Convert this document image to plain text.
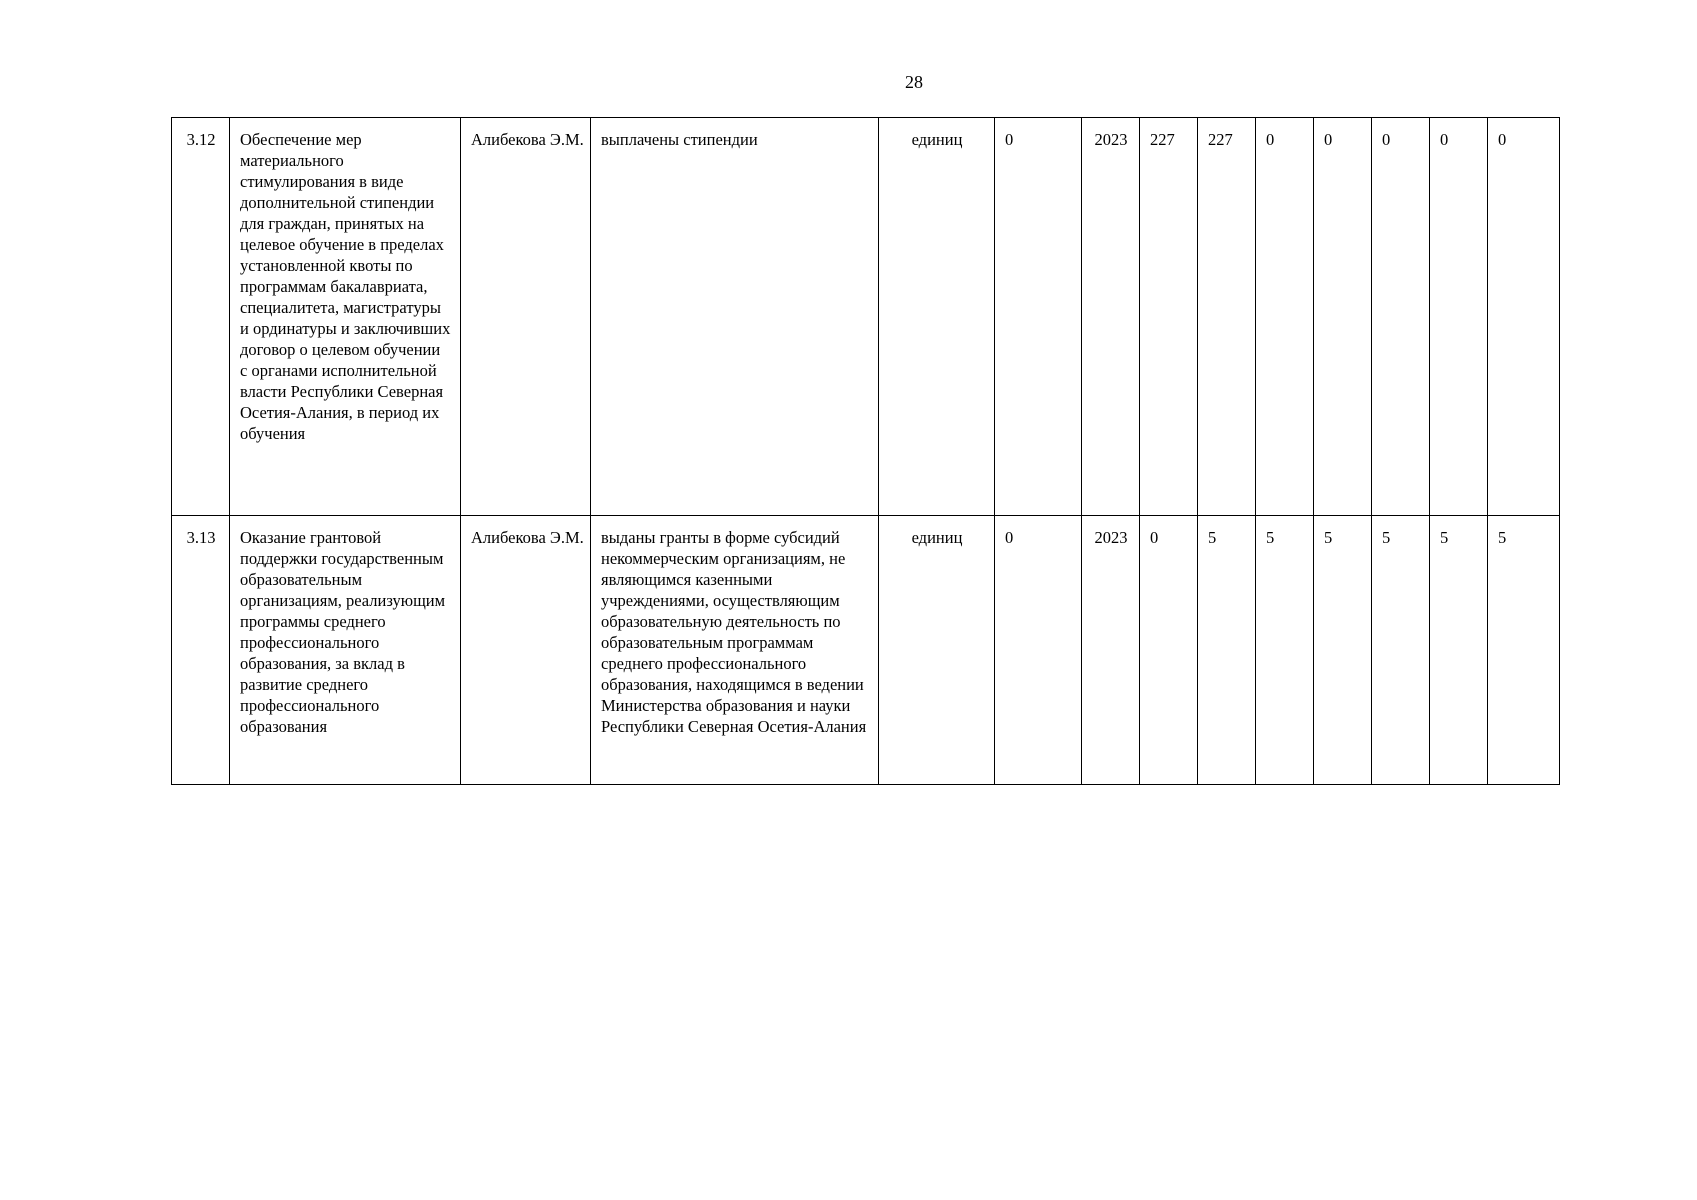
28
3.12	Обеспечение мер материального стимулирования в виде дополнительной стипендии для граждан, принятых на целевое обучение в пределах установленной квоты по программам бакалавриата, специалитета, магистратуры и ординатуры и заключивших договор о целевом обучении с органами исполнительной власти Республики Северная Осетия-Алания, в период их обучения	Алибекова Э.М.	выплачены стипендии	единиц	0	2023	227	227	0	0	0	0	0
3.13	Оказание грантовой поддержки государственным образовательным организациям, реализующим программы среднего профессионального образования, за вклад в развитие среднего профессионального образования	Алибекова Э.М.	выданы гранты в форме субсидий некоммерческим организациям, не являющимся казенными учреждениями, осуществляющим образовательную деятельность по образовательным программам среднего профессионального образования, находящимся в ведении Министерства образования и науки Республики Северная Осетия-Алания	единиц	0	2023	0	5	5	5	5	5	5
